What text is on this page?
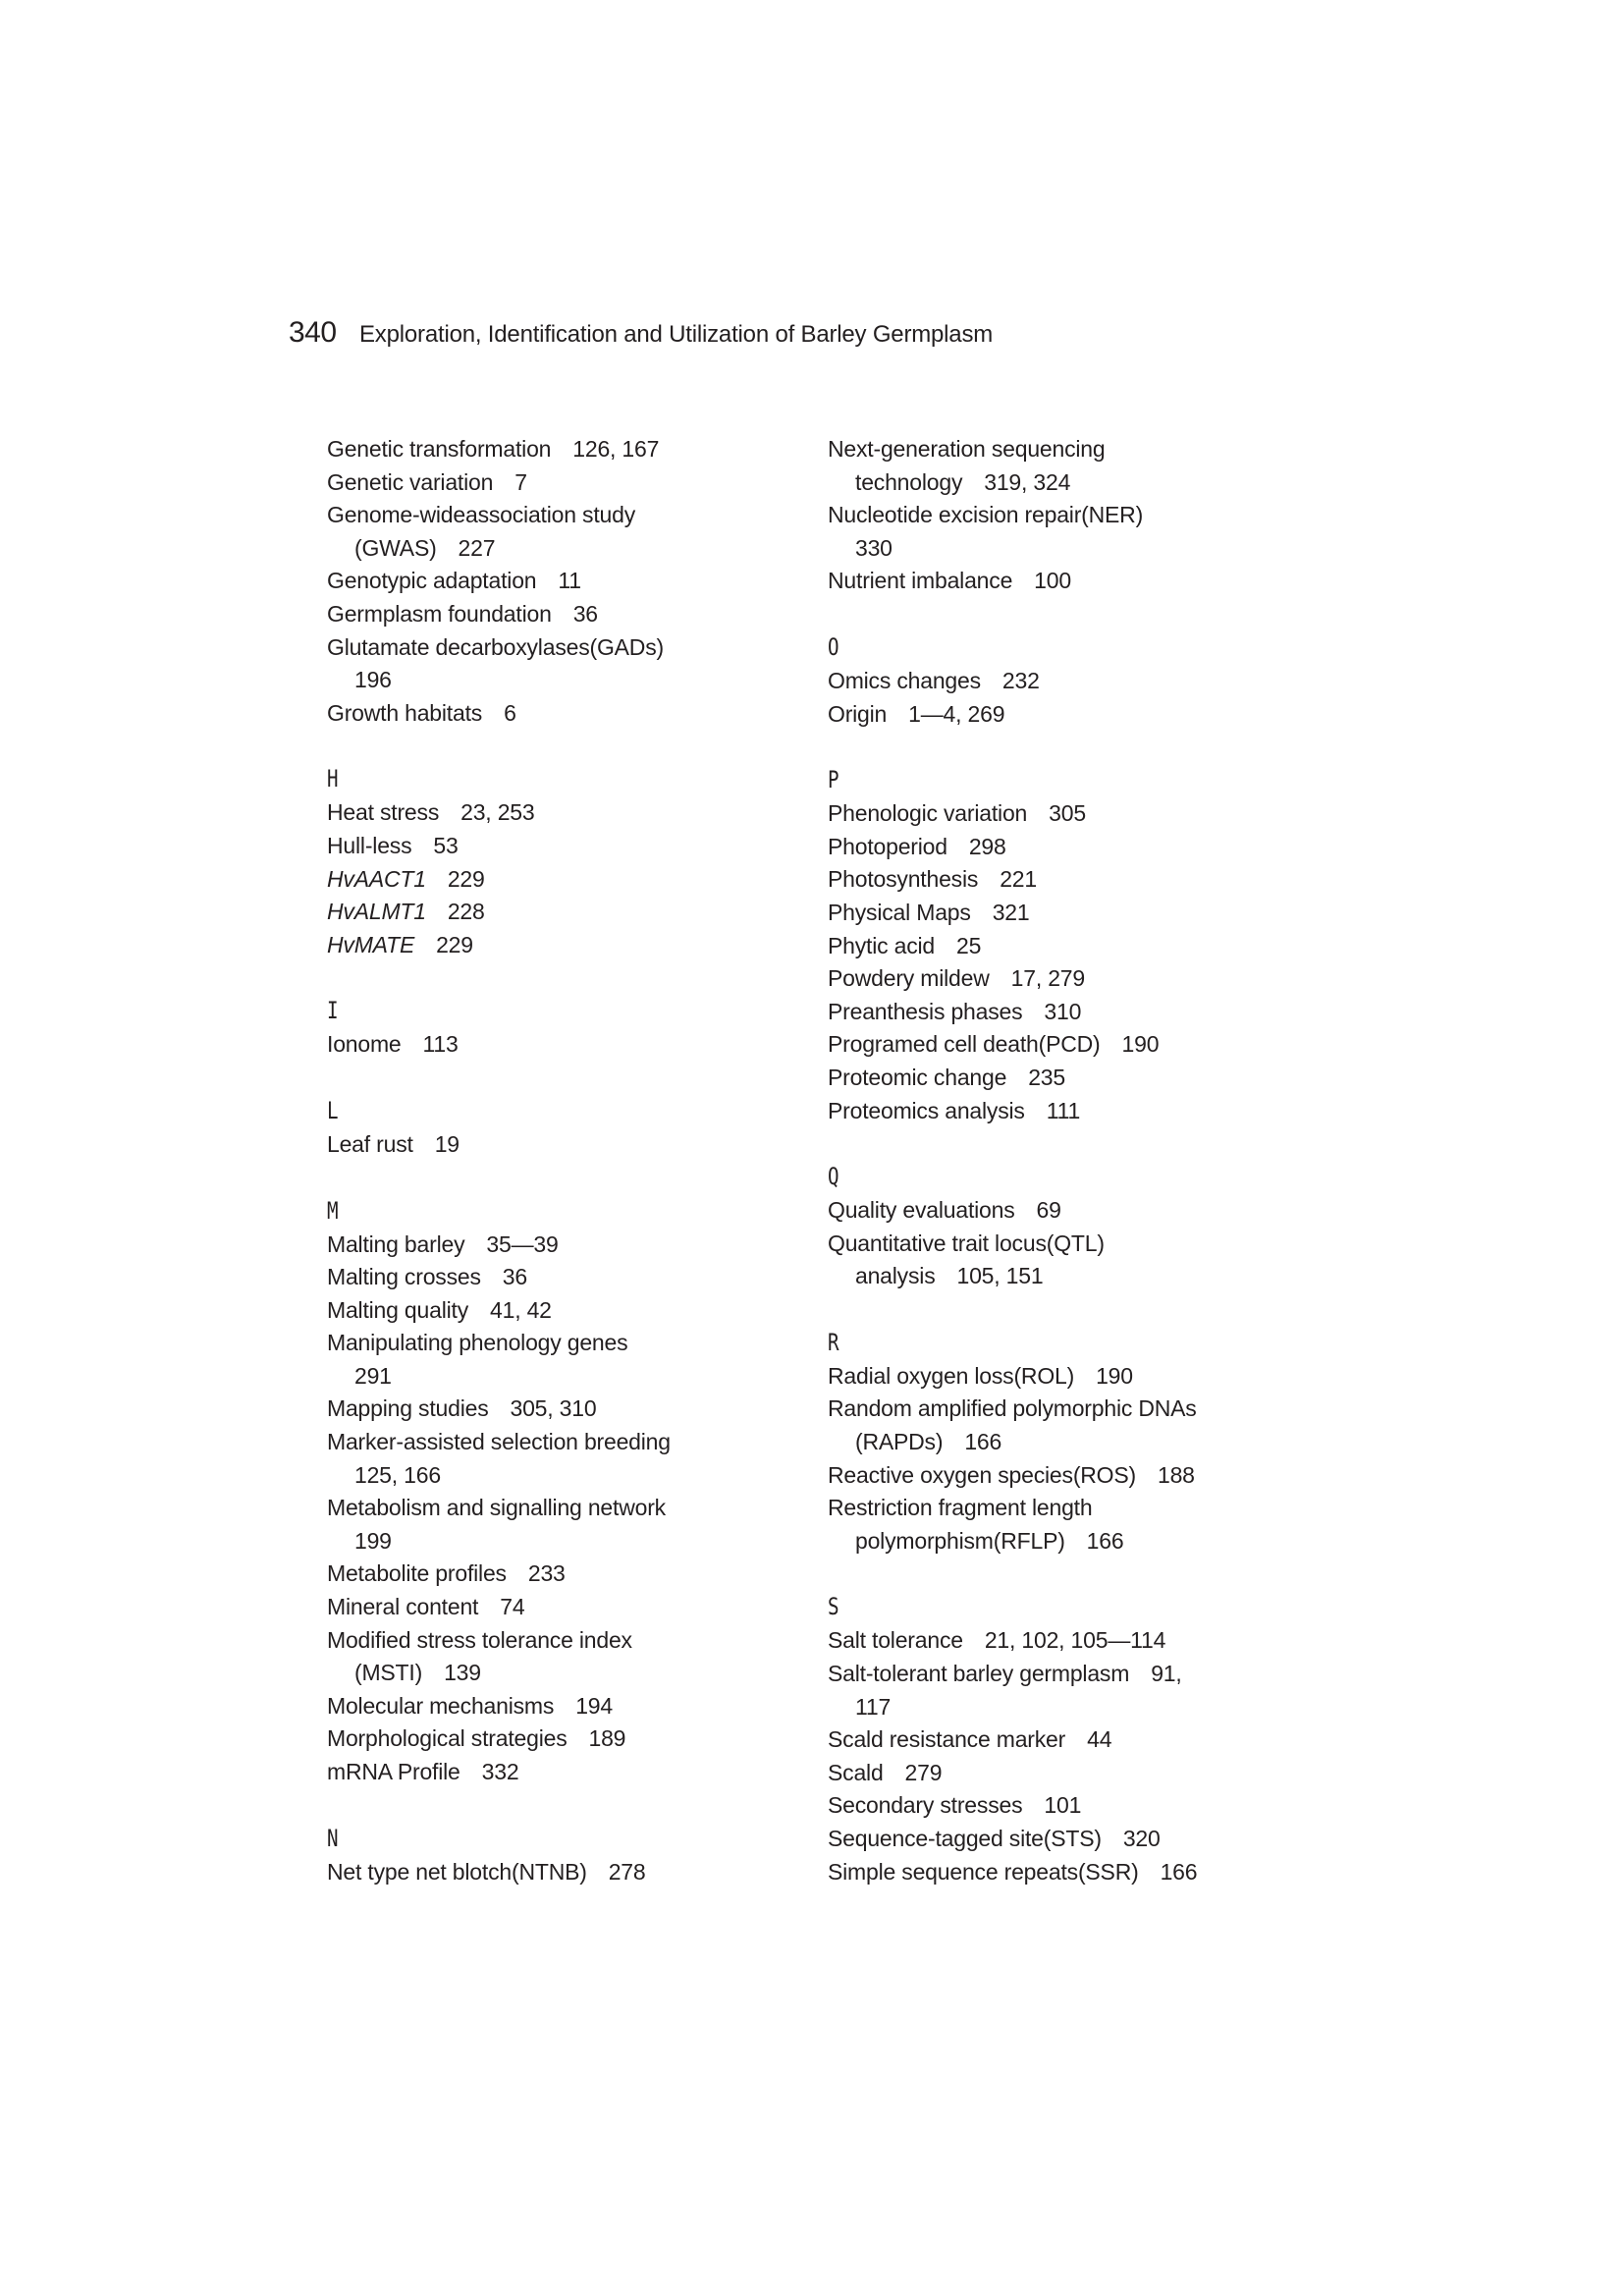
340 Exploration, Identification and Utilization of Barley Germplasm
Genetic transformation 126, 167
Genetic variation 7
Genome-wideassociation study
(GWAS) 227
Genotypic adaptation 11
Germplasm foundation 36
Glutamate decarboxylases(GADs)
196
Growth habitats 6
H
Heat stress 23, 253
Hull-less 53
HvAACT1 229
HvALMT1 228
HvMATE 229
I
Ionome 113
L
Leaf rust 19
M
Malting barley 35—39
Malting crosses 36
Malting quality 41, 42
Manipulating phenology genes
291
Mapping studies 305, 310
Marker-assisted selection breeding
125, 166
Metabolism and signalling network
199
Metabolite profiles 233
Mineral content 74
Modified stress tolerance index
(MSTI) 139
Molecular mechanisms 194
Morphological strategies 189
mRNA Profile 332
N
Net type net blotch(NTNB) 278
Next-generation sequencing
technology 319, 324
Nucleotide excision repair(NER)
330
Nutrient imbalance 100
O
Omics changes 232
Origin 1—4, 269
P
Phenologic variation 305
Photoperiod 298
Photosynthesis 221
Physical Maps 321
Phytic acid 25
Powdery mildew 17, 279
Preanthesis phases 310
Programed cell death(PCD) 190
Proteomic change 235
Proteomics analysis 111
Q
Quality evaluations 69
Quantitative trait locus(QTL)
analysis 105, 151
R
Radial oxygen loss(ROL) 190
Random amplified polymorphic DNAs
(RAPDs) 166
Reactive oxygen species(ROS) 188
Restriction fragment length
polymorphism(RFLP) 166
S
Salt tolerance 21, 102, 105—114
Salt-tolerant barley germplasm 91,
117
Scald resistance marker 44
Scald 279
Secondary stresses 101
Sequence-tagged site(STS) 320
Simple sequence repeats(SSR) 166
